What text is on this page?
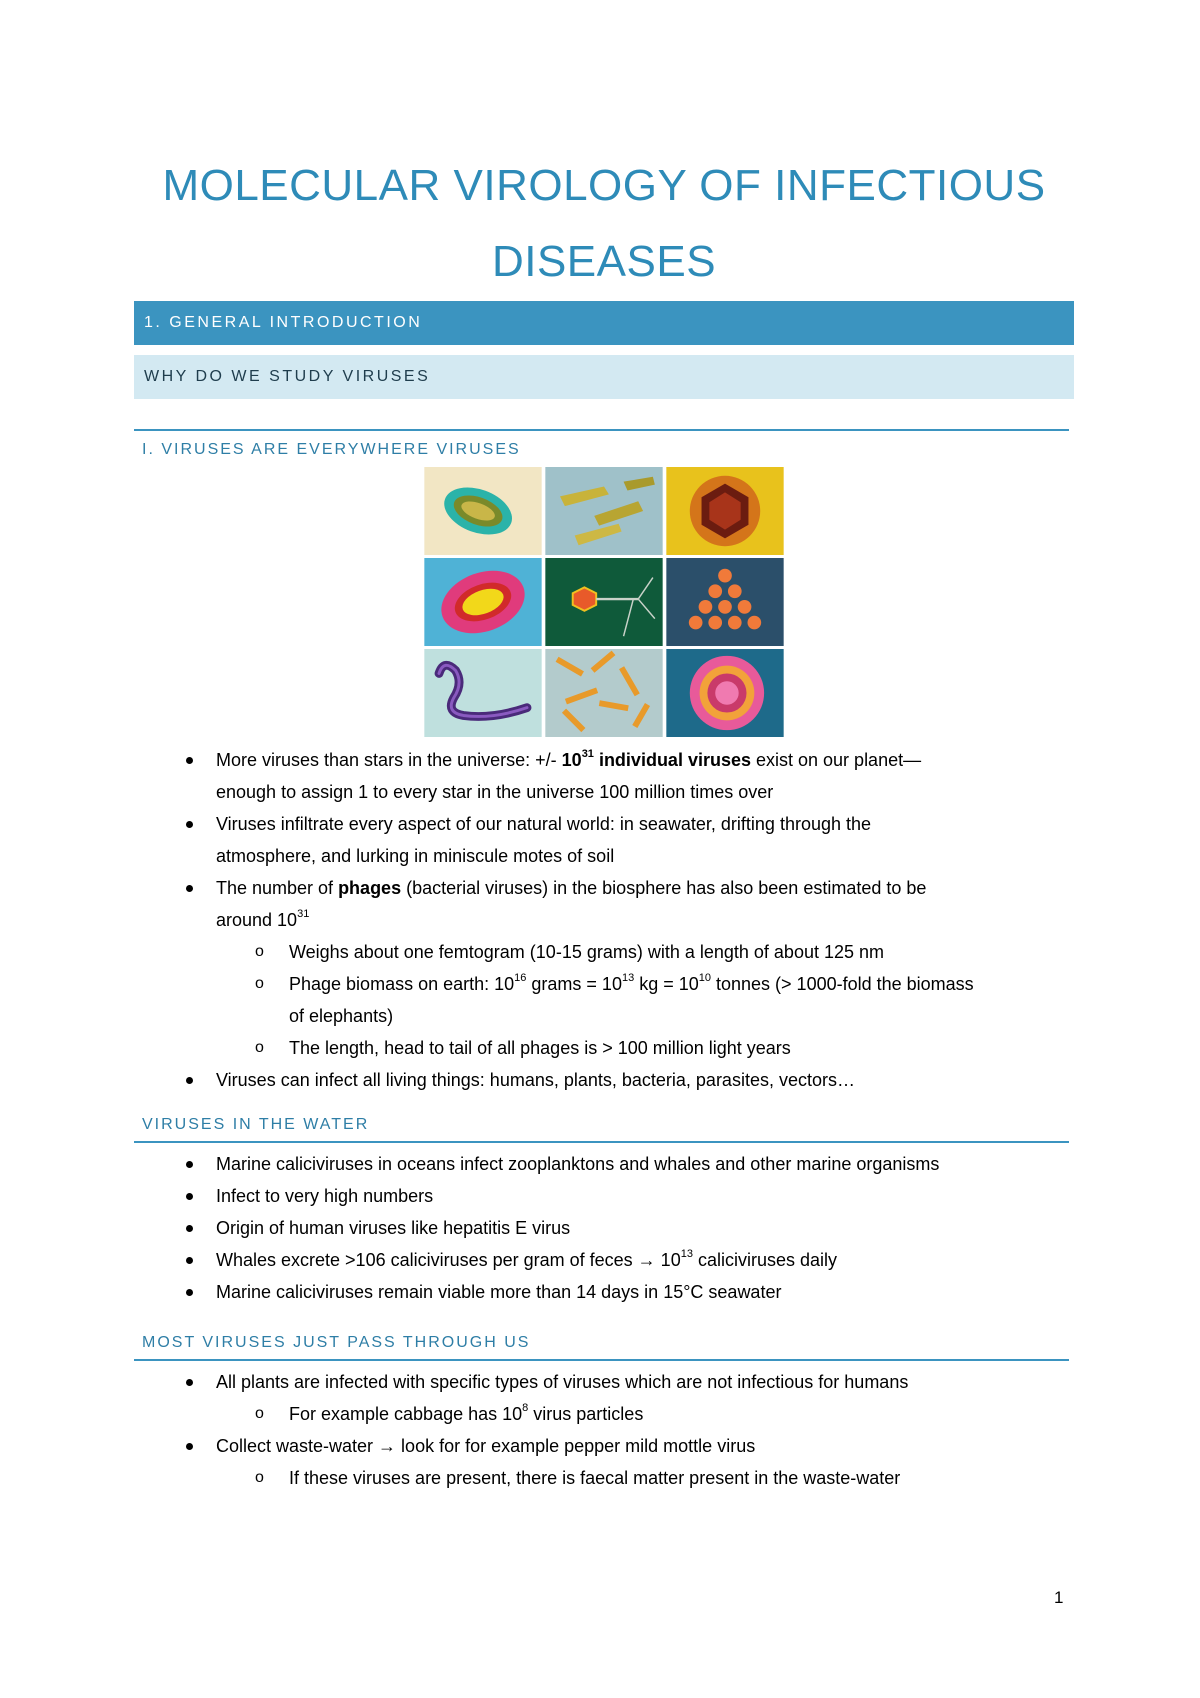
MOLECULAR VIROLOGY OF INFECTIOUS
DISEASES
1. GENERAL INTRODUCTION
WHY DO WE STUDY VIRUSES
I. VIRUSES ARE EVERYWHERE VIRUSES
More viruses than stars in the universe: +/- $10^{31}$ individual viruses exist on our planet—
enough to assign 1 to every star in the universe 100 million times over
Viruses infiltrate every aspect of our natural world: in seawater, drifting through the
atmosphere, and lurking in miniscule motes of soil
The number of phages (bacterial viruses) in the biosphere has also been estimated to be
around $10^{31}$
o Weighs about one femtogram (10-15 grams) with a length of about 125 nm
o Phage biomass on earth: $10^{16}$ grams = $10^{13}$ kg = $10^{10}$ tonnes (> 1000-fold the biomass
of elephants)
o The length, head to tail of all phages is > 100 million light years
Viruses can infect all living things: humans, plants, bacteria, parasites, vectors…
VIRUSES IN THE WATER
Marine caliciviruses in oceans infect zooplanktons and whales and other marine organisms
Infect to very high numbers
Origin of human viruses like hepatitis E virus
Whales excrete >106 caliciviruses per gram of feces → $10^{13}$ caliciviruses daily
Marine caliciviruses remain viable more than 14 days in 15°C seawater
MOST VIRUSES JUST PASS THROUGH US
All plants are infected with specific types of viruses which are not infectious for humans
o For example cabbage has $10^8$ virus particles
Collect waste-water → look for for example pepper mild mottle virus
o If these viruses are present, there is faecal matter present in the waste-water
1
